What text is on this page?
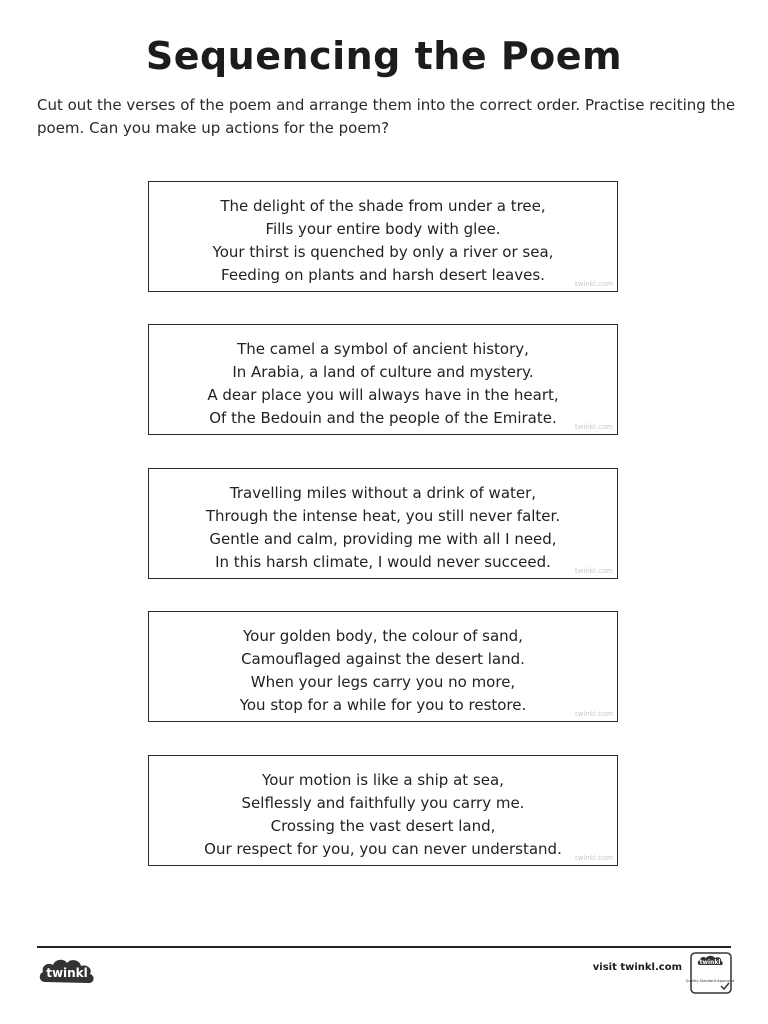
Sequencing the Poem
Cut out the verses of the poem and arrange them into the correct order. Practise reciting the poem. Can you make up actions for the poem?
The delight of the shade from under a tree,
Fills your entire body with glee.
Your thirst is quenched by only a river or sea,
Feeding on plants and harsh desert leaves.	twinkl.com
The camel a symbol of ancient history,
In Arabia, a land of culture and mystery.
A dear place you will always have in the heart,
Of the Bedouin and the people of the Emirate.	twinkl.com
Travelling miles without a drink of water,
Through the intense heat, you still never falter.
Gentle and calm, providing me with all I need,
In this harsh climate, I would never succeed.	twinkl.com
Your golden body, the colour of sand,
Camouflaged against the desert land.
When your legs carry you no more,
You stop for a while for you to restore.	twinkl.com
Your motion is like a ship at sea,
Selflessly and faithfully you carry me.
Crossing the vast desert land,
Our respect for you, you can never understand.	twinkl.com
twinkl	visit twinkl.com	twinkl
Quality Standard Approved
